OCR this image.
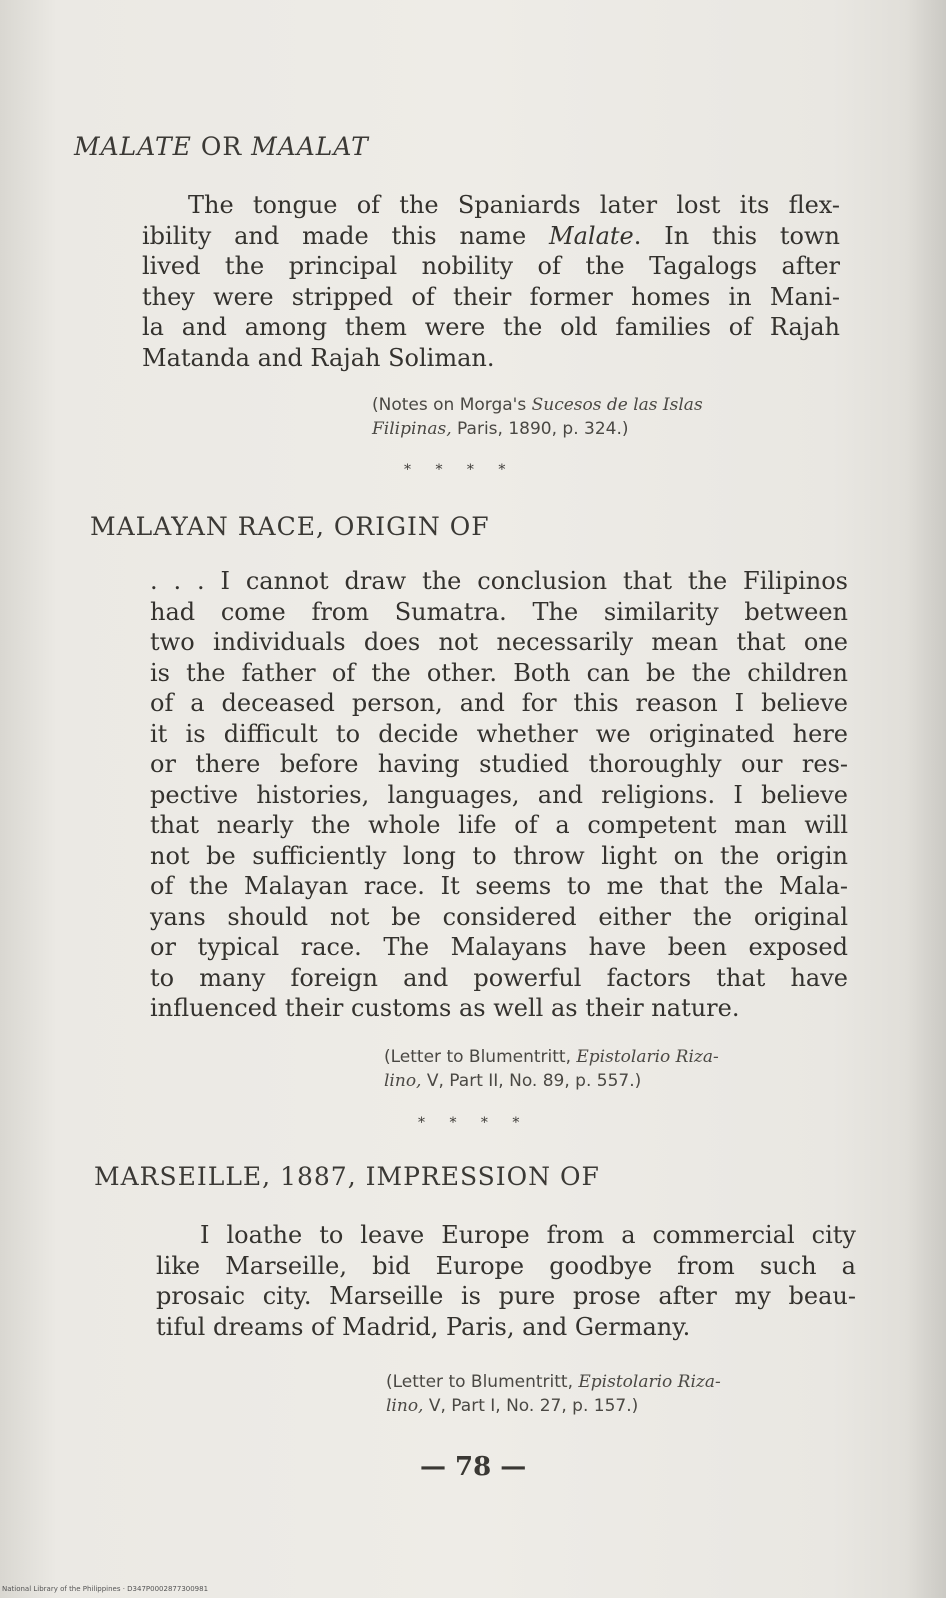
MALATE OR MAALAT
The tongue of the Spaniards later lost its flex-
ibility and made this name Malate. In this town
lived the principal nobility of the Tagalogs after
they were stripped of their former homes in Mani-
la and among them were the old families of Rajah
Matanda and Rajah Soliman.
(Notes on Morga's Sucesos de las Islas
Filipinas, Paris, 1890, p. 324.)
* * * *
MALAYAN RACE, ORIGIN OF
. . . I cannot draw the conclusion that the Filipinos
had come from Sumatra. The similarity between
two individuals does not necessarily mean that one
is the father of the other. Both can be the children
of a deceased person, and for this reason I believe
it is difficult to decide whether we originated here
or there before having studied thoroughly our res-
pective histories, languages, and religions. I believe
that nearly the whole life of a competent man will
not be sufficiently long to throw light on the origin
of the Malayan race. It seems to me that the Mala-
yans should not be considered either the original
or typical race. The Malayans have been exposed
to many foreign and powerful factors that have
influenced their customs as well as their nature.
(Letter to Blumentritt, Epistolario Riza-
lino, V, Part II, No. 89, p. 557.)
* * * *
MARSEILLE, 1887, IMPRESSION OF
I loathe to leave Europe from a commercial city
like Marseille, bid Europe goodbye from such a
prosaic city. Marseille is pure prose after my beau-
tiful dreams of Madrid, Paris, and Germany.
(Letter to Blumentritt, Epistolario Riza-
lino, V, Part I, No. 27, p. 157.)
— 78 —
National Library of the Philippines · D347P0002877300981
